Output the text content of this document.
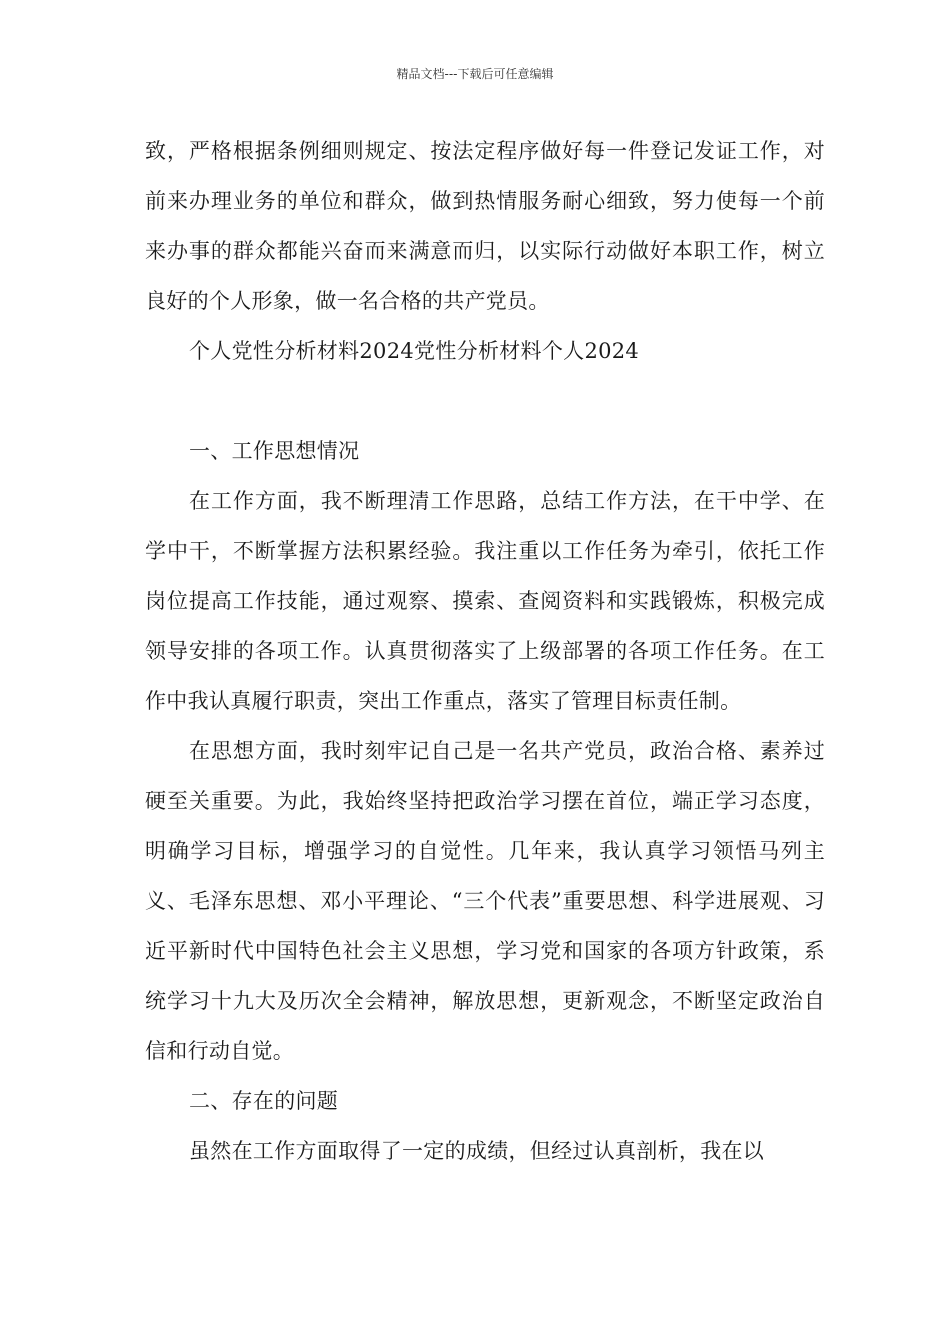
精品文档---下载后可任意编辑

致，严格根据条例细则规定、按法定程序做好每一件登记发证工作，对前来办理业务的单位和群众，做到热情服务耐心细致，努力使每一个前来办事的群众都能兴奋而来满意而归，以实际行动做好本职工作，树立良好的个人形象，做一名合格的共产党员。

个人党性分析材料2024党性分析材料个人2024

一、工作思想情况

在工作方面，我不断理清工作思路，总结工作方法，在干中学、在学中干，不断掌握方法积累经验。我注重以工作任务为牵引，依托工作岗位提高工作技能，通过观察、摸索、查阅资料和实践锻炼，积极完成领导安排的各项工作。认真贯彻落实了上级部署的各项工作任务。在工作中我认真履行职责，突出工作重点，落实了管理目标责任制。

在思想方面，我时刻牢记自己是一名共产党员，政治合格、素养过硬至关重要。为此，我始终坚持把政治学习摆在首位，端正学习态度，明确学习目标，增强学习的自觉性。几年来，我认真学习领悟马列主义、毛泽东思想、邓小平理论、“三个代表”重要思想、科学进展观、习近平新时代中国特色社会主义思想，学习党和国家的各项方针政策，系统学习十九大及历次全会精神，解放思想，更新观念，不断坚定政治自信和行动自觉。

二、存在的问题

虽然在工作方面取得了一定的成绩，但经过认真剖析，我在以
